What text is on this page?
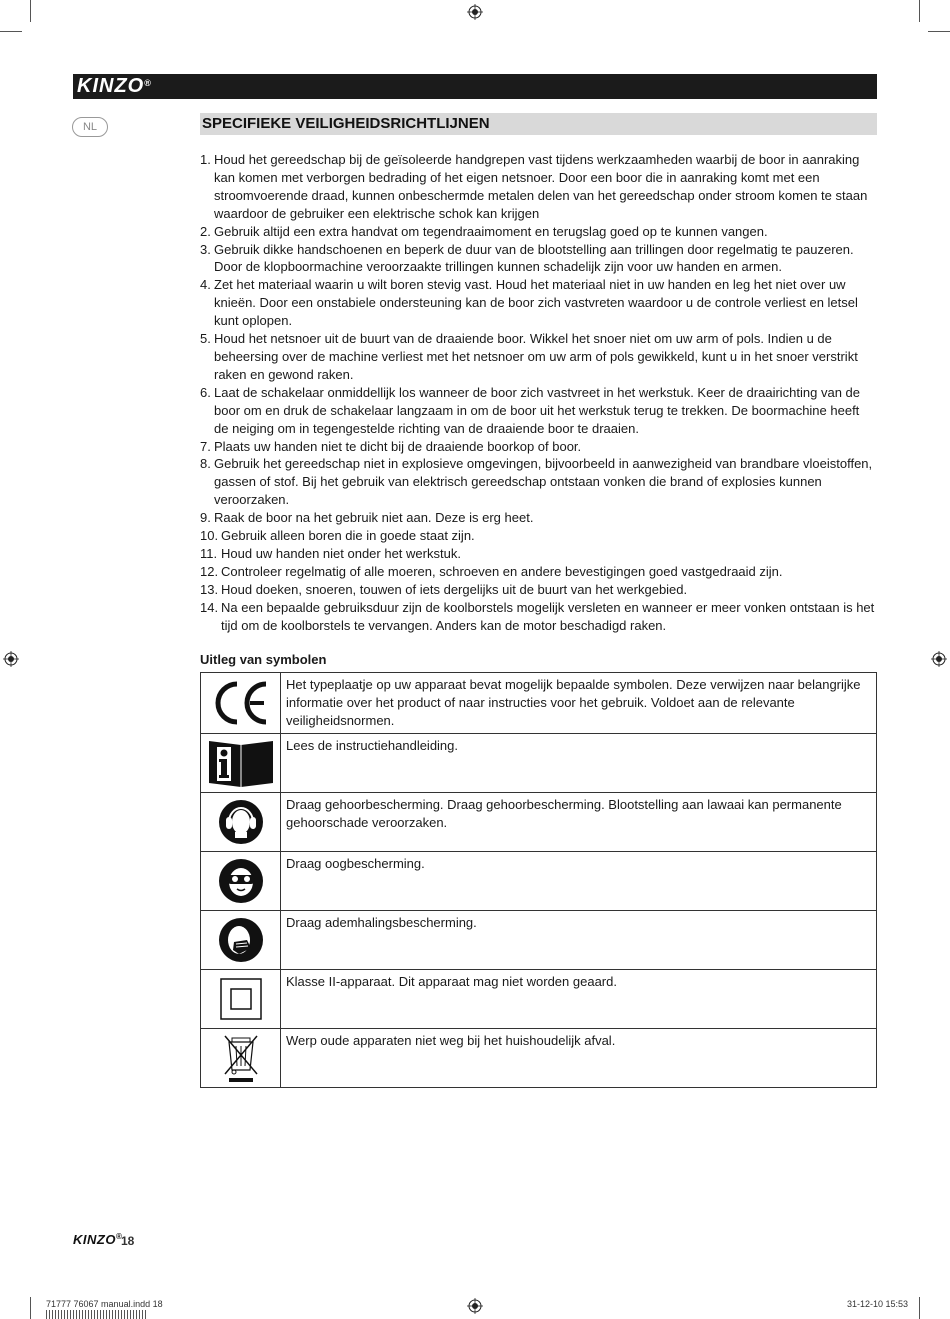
KINZO®
NL	SPECIFIEKE VEILIGHEIDSRICHTLIJNEN
1. Houd het gereedschap bij de geïsoleerde handgrepen vast tijdens werkzaamheden waarbij de boor in aanraking kan komen met verborgen bedrading of het eigen netsnoer. Door een boor die in aanraking komt met een stroomvoerende draad, kunnen onbeschermde metalen delen van het gereedschap onder stroom komen te staan waardoor de gebruiker een elektrische schok kan krijgen
2. Gebruik altijd een extra handvat om tegendraaimoment en terugslag goed op te kunnen vangen.
3. Gebruik dikke handschoenen en beperk de duur van de blootstelling aan trillingen door regelmatig te pauzeren. Door de klopboormachine veroorzaakte trillingen kunnen schadelijk zijn voor uw handen en armen.
4. Zet het materiaal waarin u wilt boren stevig vast. Houd het materiaal niet in uw handen en leg het niet over uw knieën. Door een onstabiele ondersteuning kan de boor zich vastvreten waardoor u de controle verliest en letsel kunt oplopen.
5. Houd het netsnoer uit de buurt van de draaiende boor. Wikkel het snoer niet om uw arm of pols. Indien u de beheersing over de machine verliest met het netsnoer om uw arm of pols gewikkeld, kunt u in het snoer verstrikt raken en gewond raken.
6. Laat de schakelaar onmiddellijk los wanneer de boor zich vastvreet in het werkstuk. Keer de draairichting van de boor om en druk de schakelaar langzaam in om de boor uit het werkstuk terug te trekken. De boormachine heeft de neiging om in tegengestelde richting van de draaiende boor te draaien.
7. Plaats uw handen niet te dicht bij de draaiende boorkop of boor.
8. Gebruik het gereedschap niet in explosieve omgevingen, bijvoorbeeld in aanwezigheid van brandbare vloeistoffen, gassen of stof. Bij het gebruik van elektrisch gereedschap ontstaan vonken die brand of explosies kunnen veroorzaken.
9. Raak de boor na het gebruik niet aan. Deze is erg heet.
10. Gebruik alleen boren die in goede staat zijn.
11. Houd uw handen niet onder het werkstuk.
12. Controleer regelmatig of alle moeren, schroeven en andere bevestigingen goed vastgedraaid zijn.
13. Houd doeken, snoeren, touwen of iets dergelijks uit de buurt van het werkgebied.
14. Na een bepaalde gebruiksduur zijn de koolborstels mogelijk versleten en wanneer er meer vonken ontstaan is het tijd om de koolborstels te vervangen. Anders kan de motor beschadigd raken.
Uitleg van symbolen
	Het typeplaatje op uw apparaat bevat mogelijk bepaalde symbolen. Deze verwijzen naar belangrijke informatie over het product of naar instructies voor het gebruik. Voldoet aan de relevante veiligheidsnormen.

	Lees de instructiehandleiding.

	Draag gehoorbescherming. Draag gehoorbescherming. Blootstelling aan lawaai kan permanente gehoorschade veroorzaken.

	Draag oogbescherming.

	Draag ademhalingsbescherming.

	Klasse II-apparaat. Dit apparaat mag niet worden geaard.

	Werp oude apparaten niet weg bij het huishoudelijk afval.
KINZO®
18
71777 76067 manual.indd 18	31-12-10 15:53
